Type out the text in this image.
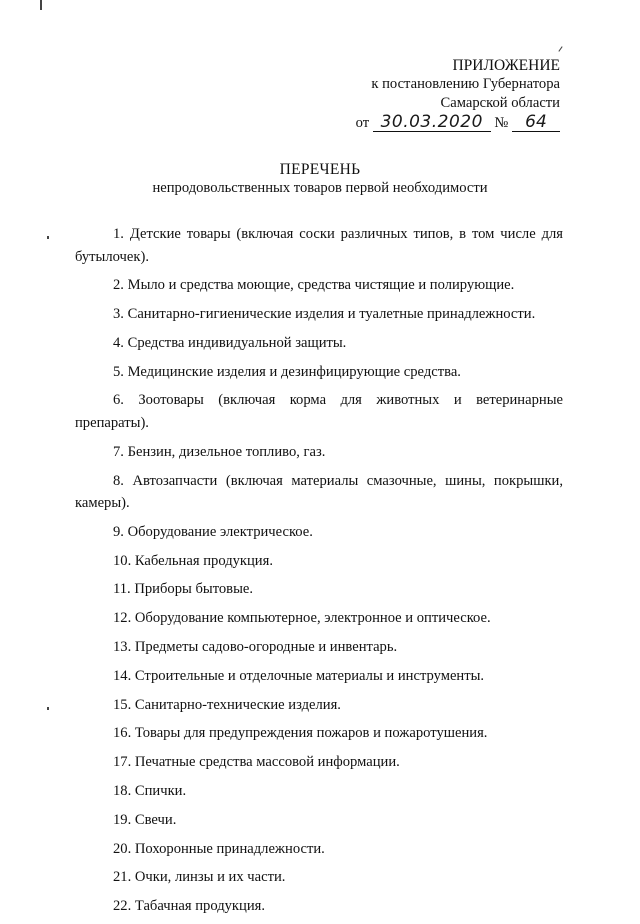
ПРИЛОЖЕНИЕ
к постановлению Губернатора
Самарской области
от 30.03.2020 № 64
ПЕРЕЧЕНЬ
непродовольственных товаров первой необходимости

1. Детские товары (включая соски различных типов, в том числе для бутылочек).

2. Мыло и средства моющие, средства чистящие и полирующие.

3. Санитарно-гигиенические изделия и туалетные принадлежности.

4. Средства индивидуальной защиты.

5. Медицинские изделия и дезинфицирующие средства.

6. Зоотовары (включая корма для животных и ветеринарные препараты).

7. Бензин, дизельное топливо, газ.

8. Автозапчасти (включая материалы смазочные, шины, покрышки, камеры).

9. Оборудование электрическое.

10. Кабельная продукция.

11. Приборы бытовые.

12. Оборудование компьютерное, электронное и оптическое.

13. Предметы садово-огородные и инвентарь.

14. Строительные и отделочные материалы и инструменты.

15. Санитарно-технические изделия.

16. Товары для предупреждения пожаров и пожаротушения.

17. Печатные средства массовой информации.

18. Спички.

19. Свечи.

20. Похоронные принадлежности.

21. Очки, линзы и их части.

22. Табачная продукция.
